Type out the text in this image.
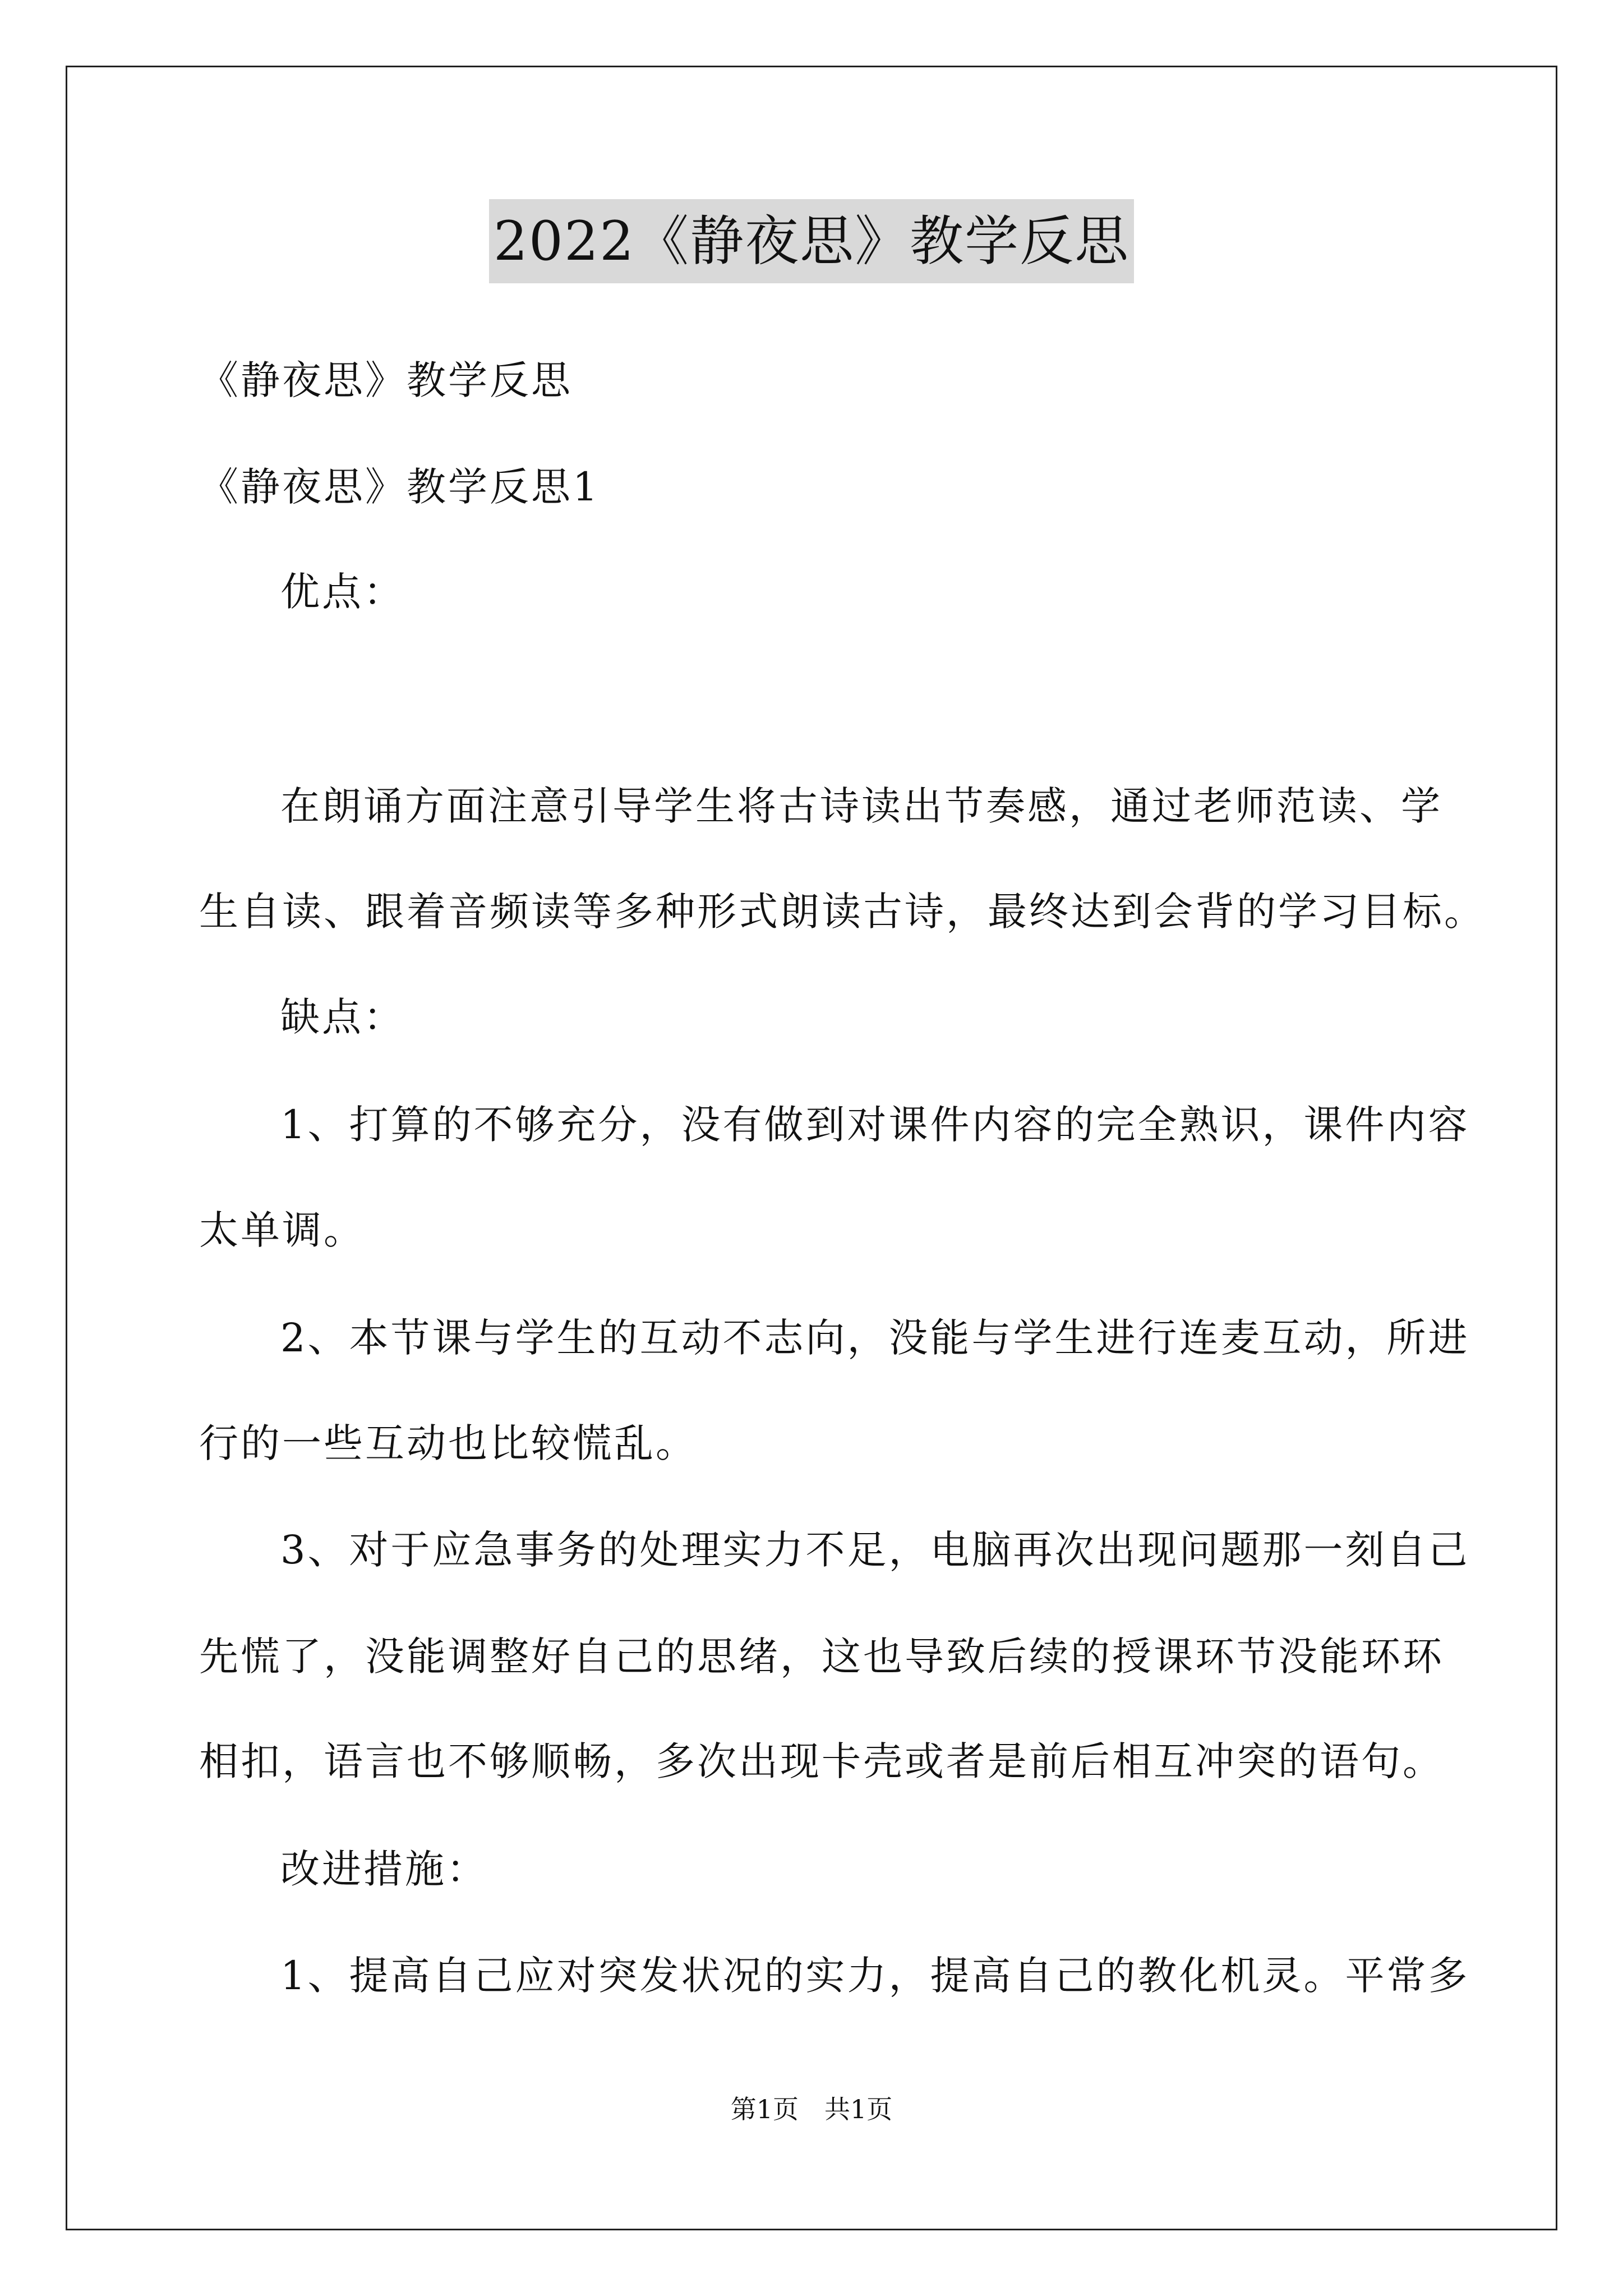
2022《静夜思》教学反思
《静夜思》教学反思
《静夜思》教学反思1
优点：
在朗诵方面注意引导学生将古诗读出节奏感，通过老师范读、学
生自读、跟着音频读等多种形式朗读古诗，最终达到会背的学习目标。
缺点：
1、打算的不够充分，没有做到对课件内容的完全熟识，课件内容
太单调。
2、本节课与学生的互动不志向，没能与学生进行连麦互动，所进
行的一些互动也比较慌乱。
3、对于应急事务的处理实力不足，电脑再次出现问题那一刻自己
先慌了，没能调整好自己的思绪，这也导致后续的授课环节没能环环
相扣，语言也不够顺畅，多次出现卡壳或者是前后相互冲突的语句。
改进措施：
1、提高自己应对突发状况的实力，提高自己的教化机灵。平常多
第1页　共1页
